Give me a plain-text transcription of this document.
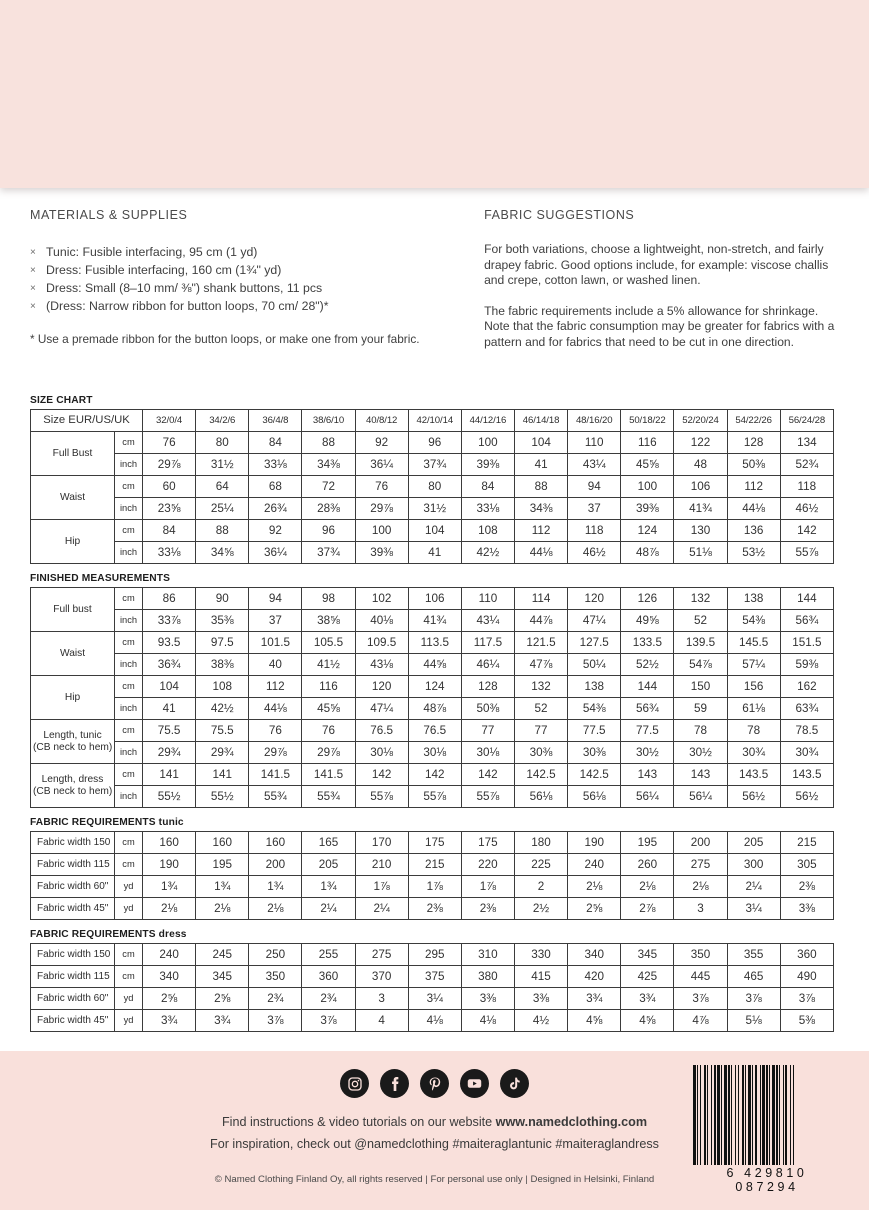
MATERIALS & SUPPLIES
× Tunic: Fusible interfacing, 95 cm (1 yd)
× Dress: Fusible interfacing, 160 cm (1¾" yd)
× Dress: Small (8–10 mm/ ⅜") shank buttons, 11 pcs
× (Dress: Narrow ribbon for button loops, 70 cm/ 28")*
* Use a premade ribbon for the button loops, or make one from your fabric.
FABRIC SUGGESTIONS
For both variations, choose a lightweight, non-stretch, and fairly drapey fabric. Good options include, for example: viscose challis and crepe, cotton lawn, or washed linen.
The fabric requirements include a 5% allowance for shrinkage. Note that the fabric consumption may be greater for fabrics with a pattern and for fabrics that need to be cut in one direction.
SIZE CHART
Size EUR/US/UK		32/0/4	34/2/6	36/4/8	38/6/10	40/8/12	42/10/14	44/12/16	46/14/18	48/16/20	50/18/22	52/20/24	54/22/26	56/24/28
Full Bust	cm	76	80	84	88	92	96	100	104	110	116	122	128	134
	inch	29⅞	31½	33⅛	34⅜	36¼	37¾	39⅜	41	43¼	45⅝	48	50⅜	52¾
Waist	cm	60	64	68	72	76	80	84	88	94	100	106	112	118
	inch	23⅝	25¼	26¾	28⅜	29⅞	31½	33⅛	34⅜	37	39⅜	41¾	44⅛	46½
Hip	cm	84	88	92	96	100	104	108	112	118	124	130	136	142
	inch	33⅛	34⅝	36¼	37¾	39⅜	41	42½	44⅛	46½	48⅞	51⅛	53½	55⅞
FINISHED MEASUREMENTS
Full bust	cm	86	90	94	98	102	106	110	114	120	126	132	138	144
	inch	33⅞	35⅜	37	38⅝	40⅛	41¾	43¼	44⅞	47¼	49⅝	52	54⅜	56¾
Waist	cm	93.5	97.5	101.5	105.5	109.5	113.5	117.5	121.5	127.5	133.5	139.5	145.5	151.5
	inch	36¾	38⅜	40	41½	43⅛	44⅝	46¼	47⅞	50¼	52½	54⅞	57¼	59⅜
Hip	cm	104	108	112	116	120	124	128	132	138	144	150	156	162
	inch	41	42½	44⅛	45⅝	47¼	48⅞	50⅜	52	54⅜	56¾	59	61⅛	63¾
Length, tunic
(CB neck to hem)	cm	75.5	75.5	76	76	76.5	76.5	77	77	77.5	77.5	78	78	78.5
	inch	29¾	29¾	29⅞	29⅞	30⅛	30⅛	30⅛	30⅜	30⅜	30½	30½	30¾	30¾
Length, dress
(CB neck to hem)	cm	141	141	141.5	141.5	142	142	142	142.5	142.5	143	143	143.5	143.5
	inch	55½	55½	55¾	55¾	55⅞	55⅞	55⅞	56⅛	56⅛	56¼	56¼	56½	56½
FABRIC REQUIREMENTS tunic
Fabric width 150	cm	160	160	160	165	170	175	175	180	190	195	200	205	215
Fabric width 115	cm	190	195	200	205	210	215	220	225	240	260	275	300	305
Fabric width 60"	yd	1¾	1¾	1¾	1¾	1⅞	1⅞	1⅞	2	2⅛	2⅛	2⅛	2¼	2⅜
Fabric width 45"	yd	2⅛	2⅛	2⅛	2¼	2¼	2⅜	2⅜	2½	2⅝	2⅞	3	3¼	3⅜
FABRIC REQUIREMENTS dress
Fabric width 150	cm	240	245	250	255	275	295	310	330	340	345	350	355	360
Fabric width 115	cm	340	345	350	360	370	375	380	415	420	425	445	465	490
Fabric width 60"	yd	2⅝	2⅝	2¾	2¾	3	3¼	3⅜	3⅜	3¾	3¾	3⅞	3⅞	3⅞
Fabric width 45"	yd	3¾	3¾	3⅞	3⅞	4	4⅛	4⅛	4½	4⅝	4⅝	4⅞	5⅛	5⅜
Find instructions & video tutorials on our website www.namedclothing.com
For inspiration, check out @namedclothing #maiteraglantunic #maiteraglandress
© Named Clothing Finland Oy, all rights reserved | For personal use only | Designed in Helsinki, Finland	6 429810 087294
